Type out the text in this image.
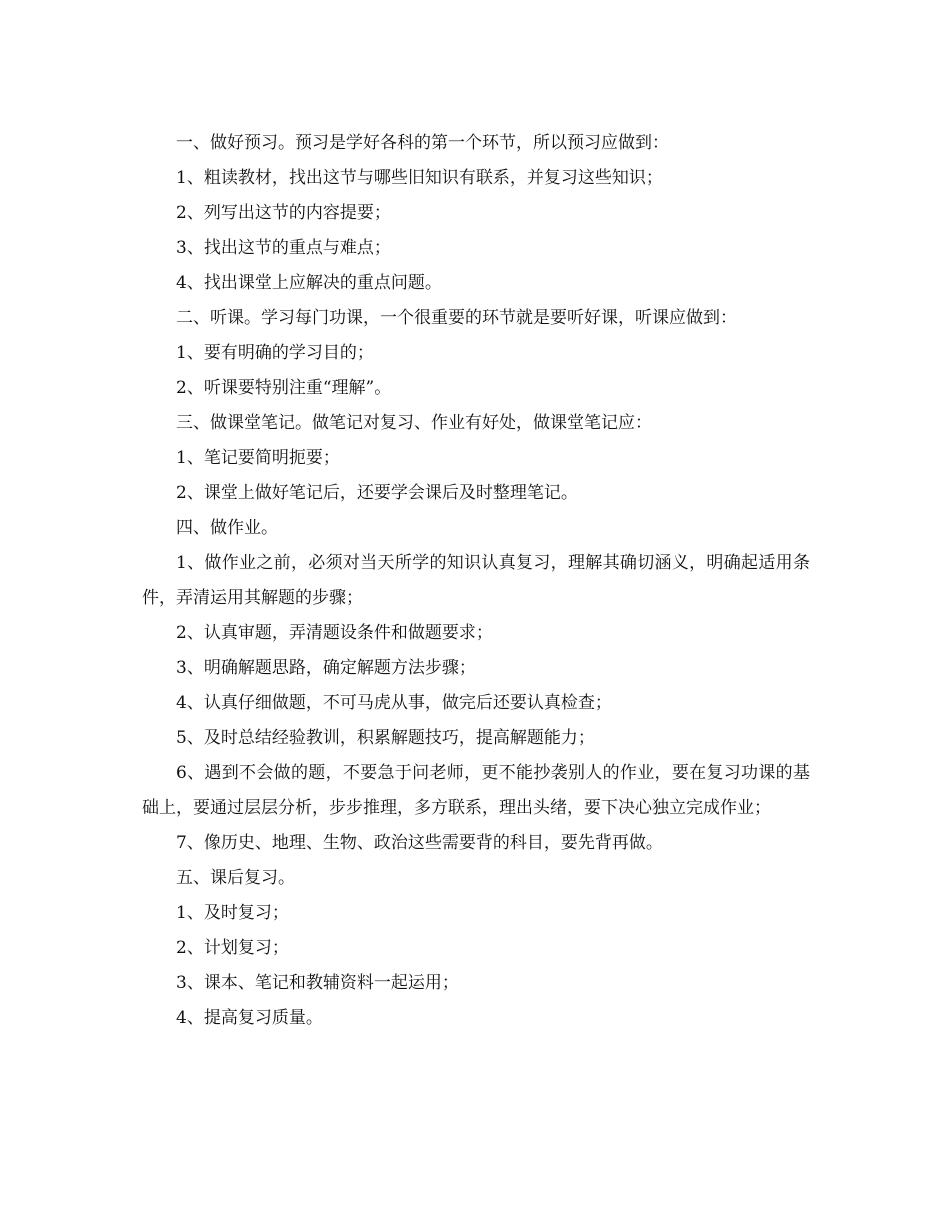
一、做好预习。预习是学好各科的第一个环节，所以预习应做到：

1、粗读教材，找出这节与哪些旧知识有联系，并复习这些知识；

2、列写出这节的内容提要；

3、找出这节的重点与难点；

4、找出课堂上应解决的重点问题。

二、听课。学习每门功课，一个很重要的环节就是要听好课，听课应做到：

1、要有明确的学习目的；

2、听课要特别注重“理解”。

三、做课堂笔记。做笔记对复习、作业有好处，做课堂笔记应：

1、笔记要简明扼要；

2、课堂上做好笔记后，还要学会课后及时整理笔记。

四、做作业。

1、做作业之前，必须对当天所学的知识认真复习，理解其确切涵义，明确起适用条件，弄清运用其解题的步骤；

2、认真审题，弄清题设条件和做题要求；

3、明确解题思路，确定解题方法步骤；

4、认真仔细做题，不可马虎从事，做完后还要认真检查；

5、及时总结经验教训，积累解题技巧，提高解题能力；

6、遇到不会做的题，不要急于问老师，更不能抄袭别人的作业，要在复习功课的基础上，要通过层层分析，步步推理，多方联系，理出头绪，要下决心独立完成作业；

7、像历史、地理、生物、政治这些需要背的科目，要先背再做。

五、课后复习。

1、及时复习；

2、计划复习；

3、课本、笔记和教辅资料一起运用；

4、提高复习质量。
